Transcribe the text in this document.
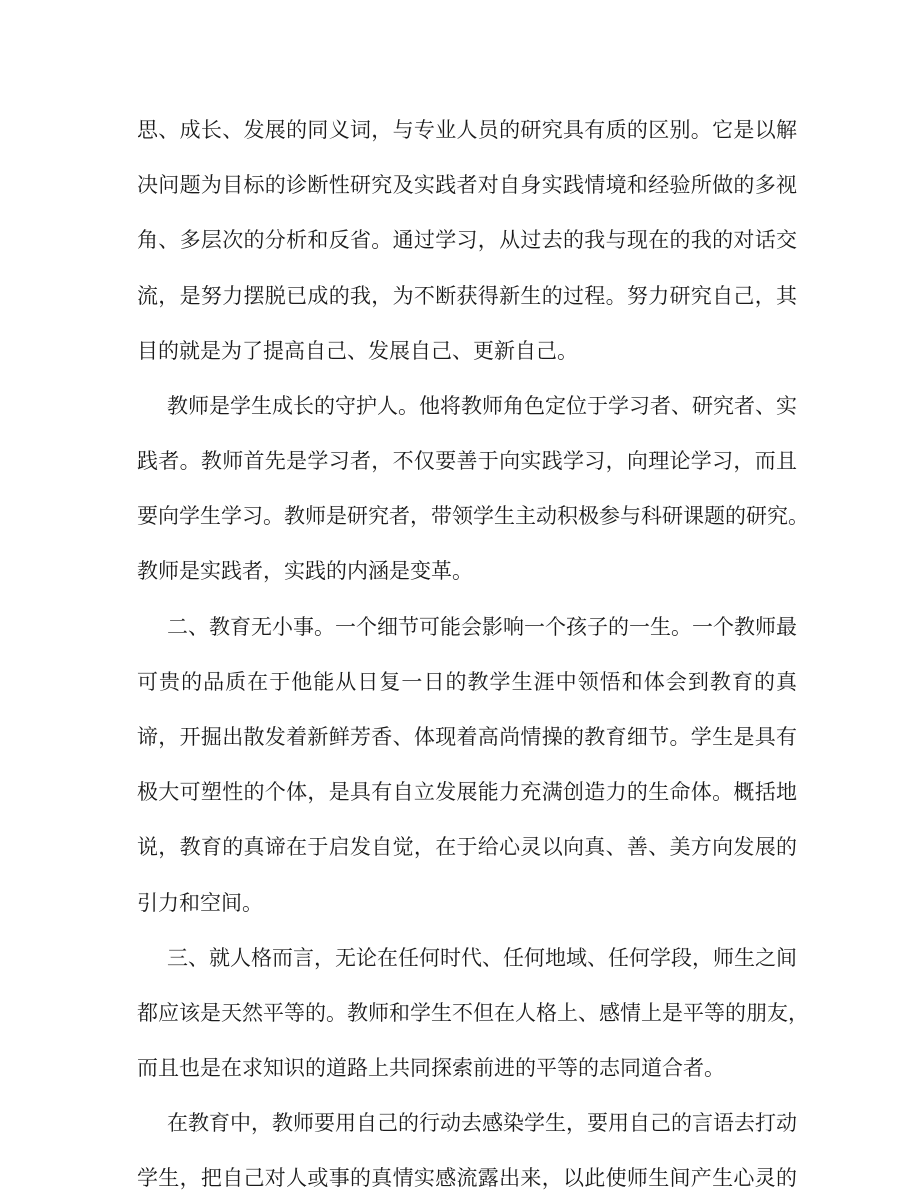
思、成长、发展的同义词，与专业人员的研究具有质的区别。它是以解
决问题为目标的诊断性研究及实践者对自身实践情境和经验所做的多视
角、多层次的分析和反省。通过学习，从过去的我与现在的我的对话交
流，是努力摆脱已成的我，为不断获得新生的过程。努力研究自己，其
目的就是为了提高自己、发展自己、更新自己。
教师是学生成长的守护人。他将教师角色定位于学习者、研究者、实
践者。教师首先是学习者，不仅要善于向实践学习，向理论学习，而且
要向学生学习。教师是研究者，带领学生主动积极参与科研课题的研究。
教师是实践者，实践的内涵是变革。
二、教育无小事。一个细节可能会影响一个孩子的一生。一个教师最
可贵的品质在于他能从日复一日的教学生涯中领悟和体会到教育的真
谛，开掘出散发着新鲜芳香、体现着高尚情操的教育细节。学生是具有
极大可塑性的个体，是具有自立发展能力充满创造力的生命体。概括地
说，教育的真谛在于启发自觉，在于给心灵以向真、善、美方向发展的
引力和空间。
三、就人格而言，无论在任何时代、任何地域、任何学段，师生之间
都应该是天然平等的。教师和学生不但在人格上、感情上是平等的朋友，
而且也是在求知识的道路上共同探索前进的平等的志同道合者。
在教育中，教师要用自己的行动去感染学生，要用自己的言语去打动
学生，把自己对人或事的真情实感流露出来，以此使师生间产生心灵的
